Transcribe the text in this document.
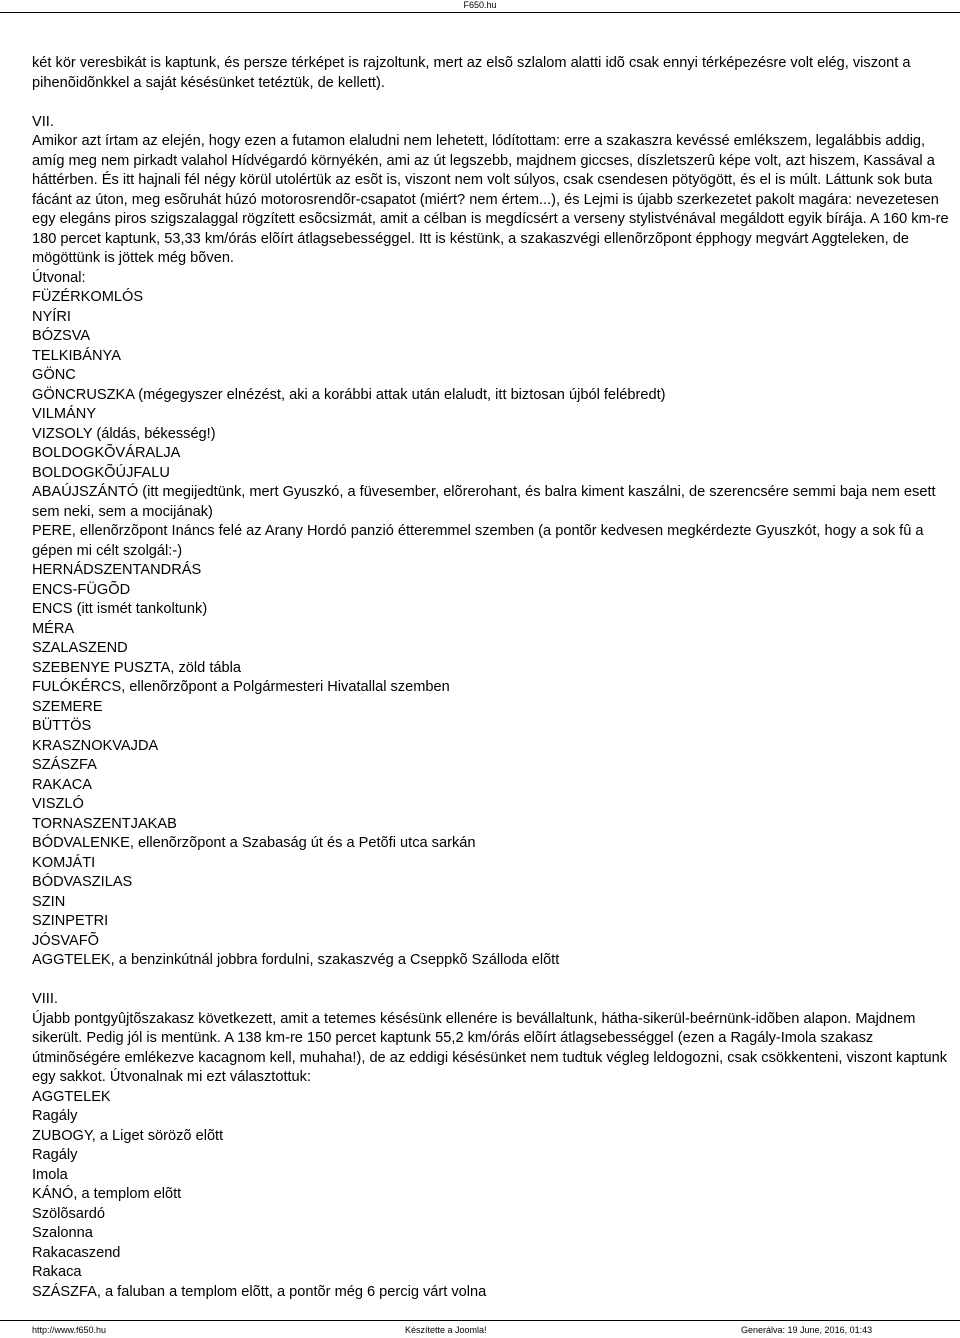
F650.hu

két kör veresbikát is kaptunk, és persze térképet is rajzoltunk, mert az elsõ szlalom alatti idõ csak ennyi térképezésre volt elég, viszont a pihenõidõnkkel a saját késésünket tetéztük, de kellett).

VII.

Amikor azt írtam az elején, hogy ezen a futamon elaludni nem lehetett, lódítottam: erre a szakaszra kevéssé emlékszem, legalábbis addig, amíg meg nem pirkadt valahol Hídvégardó környékén, ami az út legszebb, majdnem giccses, díszletszerû képe volt, azt hiszem, Kassával a háttérben. És itt hajnali fél négy körül utolértük az esõt is, viszont nem volt súlyos, csak csendesen pötyögött, és el is múlt. Láttunk sok buta fácánt az úton, meg esõruhát húzó motorosrendõr-csapatot (miért? nem értem...), és Lejmi is újabb szerkezetet pakolt magára: nevezetesen egy elegáns piros szigszalaggal rögzített esõcsizmát, amit a célban is megdícsért a verseny stylistvénával megáldott egyik bírája. A 160 km-re 180 percet kaptunk, 53,33 km/órás elõírt átlagsebességgel. Itt is késtünk, a szakaszvégi ellenõrzõpont épphogy megvárt Aggteleken, de mögöttünk is jöttek még bõven.

Útvonal:

FÜZÉRKOMLÓS

NYÍRI

BÓZSVA

TELKIBÁNYA

GÖNC

GÖNCRUSZKA (mégegyszer elnézést, aki a korábbi attak után elaludt, itt biztosan újból felébredt)

VILMÁNY

VIZSOLY (áldás, békesség!)

BOLDOGKÕVÁRALJA

BOLDOGKÕÚJFALU

ABAÚJSZÁNTÓ (itt megijedtünk, mert Gyuszkó, a füvesember, elõrerohant, és balra kiment kaszálni, de szerencsére semmi baja nem esett sem neki, sem a mocijának)

PERE, ellenõrzõpont Ináncs felé az Arany Hordó panzió étteremmel szemben (a pontõr kedvesen megkérdezte Gyuszkót, hogy a sok fû a gépen mi célt szolgál:-)

HERNÁDSZENTANDRÁS

ENCS-FÜGÕD

ENCS (itt ismét tankoltunk)

MÉRA

SZALASZEND

SZEBENYE PUSZTA, zöld tábla

FULÓKÉRCS, ellenõrzõpont a Polgármesteri Hivatallal szemben

SZEMERE

BÜTTÖS

KRASZNOKVAJDA

SZÁSZFA

RAKACA

VISZLÓ

TORNASZENTJAKAB

BÓDVALENKE, ellenõrzõpont a Szabaság út és a Petõfi utca sarkán

KOMJÁTI

BÓDVASZILAS

SZIN

SZINPETRI

JÓSVAFÕ

AGGTELEK, a benzinkútnál jobbra fordulni, szakaszvég a Cseppkõ Szálloda elõtt

VIII.

Újabb pontgyûjtõszakasz következett, amit a tetemes késésünk ellenére is bevállaltunk, hátha-sikerül-beérnünk-idõben alapon. Majdnem sikerült. Pedig jól is mentünk. A 138 km-re 150 percet kaptunk 55,2 km/órás elõírt átlagsebességgel (ezen a Ragály-Imola szakasz útminõségére emlékezve kacagnom kell, muhaha!), de az eddigi késésünket nem tudtuk végleg leldogozni, csak csökkenteni, viszont kaptunk egy sakkot. Útvonalnak mi ezt választottuk:

AGGTELEK

Ragály

ZUBOGY, a Liget sörözõ elõtt

Ragály

Imola

KÁNÓ, a templom elõtt

Szölõsardó

Szalonna

Rakacaszend

Rakaca

SZÁSZFA, a faluban a templom elõtt, a pontõr még 6 percig várt volna

http://www.f650.hu	Készítette a Joomla!	Generálva: 19 June, 2016, 01:43
